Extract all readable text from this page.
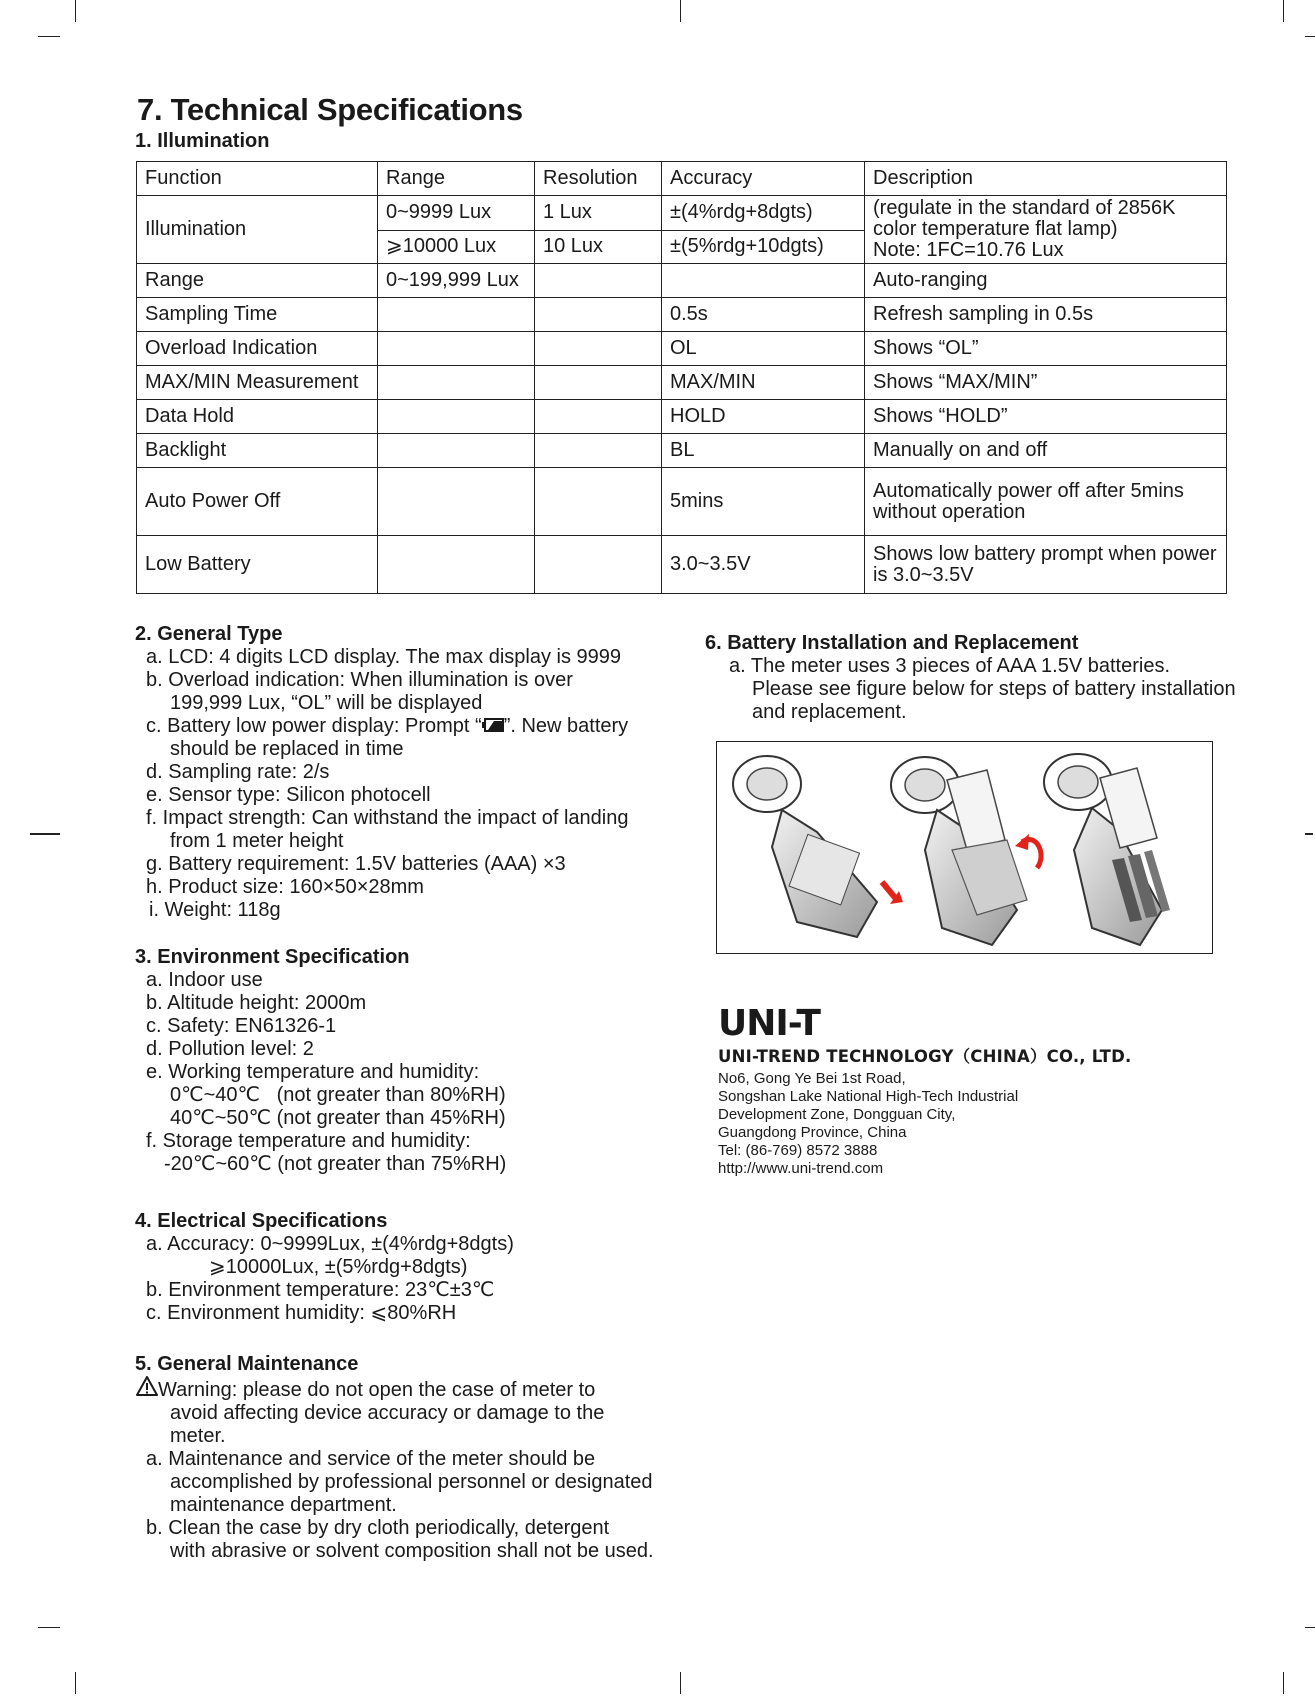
7. Technical Specifications
1. Illumination
Function	Range	Resolution	Accuracy	Description
Illumination	0~9999 Lux	1 Lux	±(4%rdg+8dgts)	(regulate in the standard of 2856K
color temperature flat lamp)
Note: 1FC=10.76 Lux

	⩾10000 Lux	10 Lux	±(5%rdg+10dgts)	
Range	0~199,999 Lux			Auto-ranging
Sampling Time			0.5s	Refresh sampling in 0.5s
Overload Indication			OL	Shows “OL”
MAX/MIN Measurement			MAX/MIN	Shows “MAX/MIN”
Data Hold			HOLD	Shows “HOLD”
Backlight			BL	Manually on and off
Auto Power Off			5mins	Automatically power off after 5mins without operation
Low Battery			3.0~3.5V	Shows low battery prompt when power is 3.0~3.5V
2. General Type
a. LCD: 4 digits LCD display. The max display is 9999
b. Overload indication: When illumination is over
199,999 Lux, “OL” will be displayed
c. Battery low power display: Prompt “ ”. New battery
should be replaced in time
d. Sampling rate: 2/s
e. Sensor type: Silicon photocell
f. Impact strength: Can withstand the impact of landing
from 1 meter height
g. Battery requirement: 1.5V batteries (AAA) ×3
h. Product size: 160×50×28mm
i. Weight: 118g
3. Environment Specification
a. Indoor use
b. Altitude height: 2000m
c. Safety: EN61326-1
d. Pollution level: 2
e. Working temperature and humidity:
0℃~40℃   (not greater than 80%RH)
40℃~50℃ (not greater than 45%RH)
f. Storage temperature and humidity:
-20℃~60℃ (not greater than 75%RH)
4. Electrical Specifications
a. Accuracy: 0~9999Lux, ±(4%rdg+8dgts)
⩾10000Lux, ±(5%rdg+8dgts)
b. Environment temperature: 23℃±3℃
c. Environment humidity: ⩽80%RH
5. General Maintenance
Warning: please do not open the case of meter to
avoid affecting device accuracy or damage to the
meter.
a. Maintenance and service of the meter should be
accomplished by professional personnel or designated
maintenance department.
b. Clean the case by dry cloth periodically, detergent
with abrasive or solvent composition shall not be used.
6. Battery Installation and Replacement
a. The meter uses 3 pieces of AAA 1.5V batteries.
Please see figure below for steps of battery installation
and replacement.
UNI-T
UNI-TREND TECHNOLOGY（CHINA）CO., LTD.
No6, Gong Ye Bei 1st Road,
Songshan Lake National High-Tech Industrial
Development Zone, Dongguan City,
Guangdong Province, China
Tel: (86-769) 8572 3888
http://www.uni-trend.com
